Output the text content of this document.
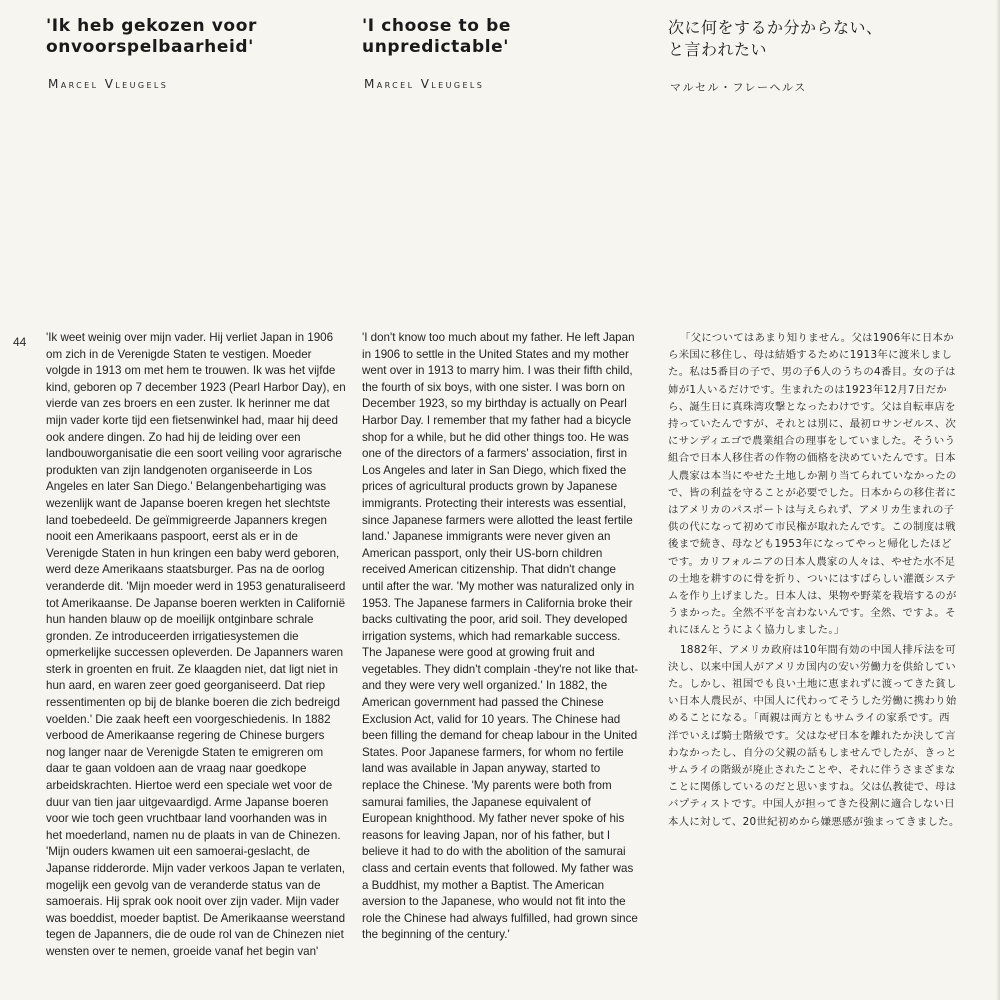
44
'Ik heb gekozen voor
onvoorspelbaarheid'
Marcel Vleugels

'Ik weet weinig over mijn vader. Hij verliet Japan in 1906 om zich in de Verenigde Staten te vestigen. Moeder volgde in 1913 om met hem te trouwen. Ik was het vijfde kind, geboren op 7 december 1923 (Pearl Harbor Day), en vierde van zes broers en een zuster. Ik herinner me dat mijn vader korte tijd een fietsenwinkel had, maar hij deed ook andere dingen. Zo had hij de leiding over een landbouworganisatie die een soort veiling voor agrarische produkten van zijn landgenoten organiseerde in Los Angeles en later San Diego.' Belangenbehartiging was wezenlijk want de Japanse boeren kregen het slechtste land toebedeeld. De geïmmigreerde Japanners kregen nooit een Amerikaans paspoort, eerst als er in de Verenigde Staten in hun kringen een baby werd geboren, werd deze Amerikaans staatsburger. Pas na de oorlog veranderde dit. 'Mijn moeder werd in 1953 genaturaliseerd tot Amerikaanse. De Japanse boeren werkten in Californië hun handen blauw op de moeilijk ontginbare schrale gronden. Ze introduceerden irrigatiesystemen die opmerkelijke successen opleverden. De Japanners waren sterk in groenten en fruit. Ze klaagden niet, dat ligt niet in hun aard, en waren zeer goed georganiseerd. Dat riep ressentimenten op bij de blanke boeren die zich bedreigd voelden.' Die zaak heeft een voorgeschiedenis. In 1882 verbood de Amerikaanse regering de Chinese burgers nog langer naar de Verenigde Staten te emigreren om daar te gaan voldoen aan de vraag naar goedkope arbeidskrachten. Hiertoe werd een speciale wet voor de duur van tien jaar uitgevaardigd. Arme Japanse boeren voor wie toch geen vruchtbaar land voorhanden was in het moederland, namen nu de plaats in van de Chinezen. 'Mijn ouders kwamen uit een samoerai-geslacht, de Japanse ridderorde. Mijn vader verkoos Japan te verlaten, mogelijk een gevolg van de veranderde status van de samoerais. Hij sprak ook nooit over zijn vader. Mijn vader was boeddist, moeder baptist. De Amerikaanse weerstand tegen de Japanners, die de oude rol van de Chinezen niet wensten over te nemen, groeide vanaf het begin van'

'I choose to be
unpredictable'
Marcel Vleugels

'I don't know too much about my father. He left Japan in 1906 to settle in the United States and my mother went over in 1913 to marry him. I was their fifth child, the fourth of six boys, with one sister. I was born on December 1923, so my birthday is actually on Pearl Harbor Day. I remember that my father had a bicycle shop for a while, but he did other things too. He was one of the directors of a farmers' association, first in Los Angeles and later in San Diego, which fixed the prices of agricultural products grown by Japanese immigrants. Protecting their interests was essential, since Japanese farmers were allotted the least fertile land.' Japanese immigrants were never given an American passport, only their US-born children received American citizenship. That didn't change until after the war. 'My mother was naturalized only in 1953. The Japanese farmers in California broke their backs cultivating the poor, arid soil. They developed irrigation systems, which had remarkable success. The Japanese were good at growing fruit and vegetables. They didn't complain -they're not like that- and they were very well organized.' In 1882, the American government had passed the Chinese Exclusion Act, valid for 10 years. The Chinese had been filling the demand for cheap labour in the United States. Poor Japanese farmers, for whom no fertile land was available in Japan anyway, started to replace the Chinese. 'My parents were both from samurai families, the Japanese equivalent of European knighthood. My father never spoke of his reasons for leaving Japan, nor of his father, but I believe it had to do with the abolition of the samurai class and certain events that followed. My father was a Buddhist, my mother a Baptist. The American aversion to the Japanese, who would not fit into the role the Chinese had always fulfilled, had grown since the beginning of the century.'

次に何をするか分からない、
と言われたい
マルセル・フレーヘルス

「父についてはあまり知りません。父は1906年に日本から米国に移住し、母は結婚するために1913年に渡米しました。私は5番目の子で、男の子6人のうちの4番目。女の子は姉が1人いるだけです。生まれたのは1923年12月7日だから、誕生日に真珠湾攻撃となったわけです。父は自転車店を持っていたんですが、それとは別に、最初ロサンゼルス、次にサンディエゴで農業組合の理事をしていました。そういう組合で日本人移住者の作物の価格を決めていたんです。日本人農家は本当にやせた土地しか割り当てられていなかったので、皆の利益を守ることが必要でした。日本からの移住者にはアメリカのパスポートは与えられず、アメリカ生まれの子供の代になって初めて市民権が取れたんです。この制度は戦後まで続き、母なども1953年になってやっと帰化したほどです。カリフォルニアの日本人農家の人々は、やせた水不足の土地を耕すのに骨を折り、ついにはすばらしい灌漑システムを作り上げました。日本人は、果物や野菜を栽培するのがうまかった。全然不平を言わないんです。全然、ですよ。それにほんとうによく協力しました。」

1882年、アメリカ政府は10年間有効の中国人排斥法を可決し、以来中国人がアメリカ国内の安い労働力を供給していた。しかし、祖国でも良い土地に恵まれずに渡ってきた貧しい日本人農民が、中国人に代わってそうした労働に携わり始めることになる。「両親は両方ともサムライの家系です。西洋でいえば騎士階級です。父はなぜ日本を離れたか決して言わなかったし、自分の父親の話もしませんでしたが、きっとサムライの階級が廃止されたことや、それに伴うさまざまなことに関係しているのだと思いますね。父は仏教徒で、母はバプティストです。中国人が担ってきた役割に適合しない日本人に対して、20世紀初めから嫌悪感が強まってきました。
